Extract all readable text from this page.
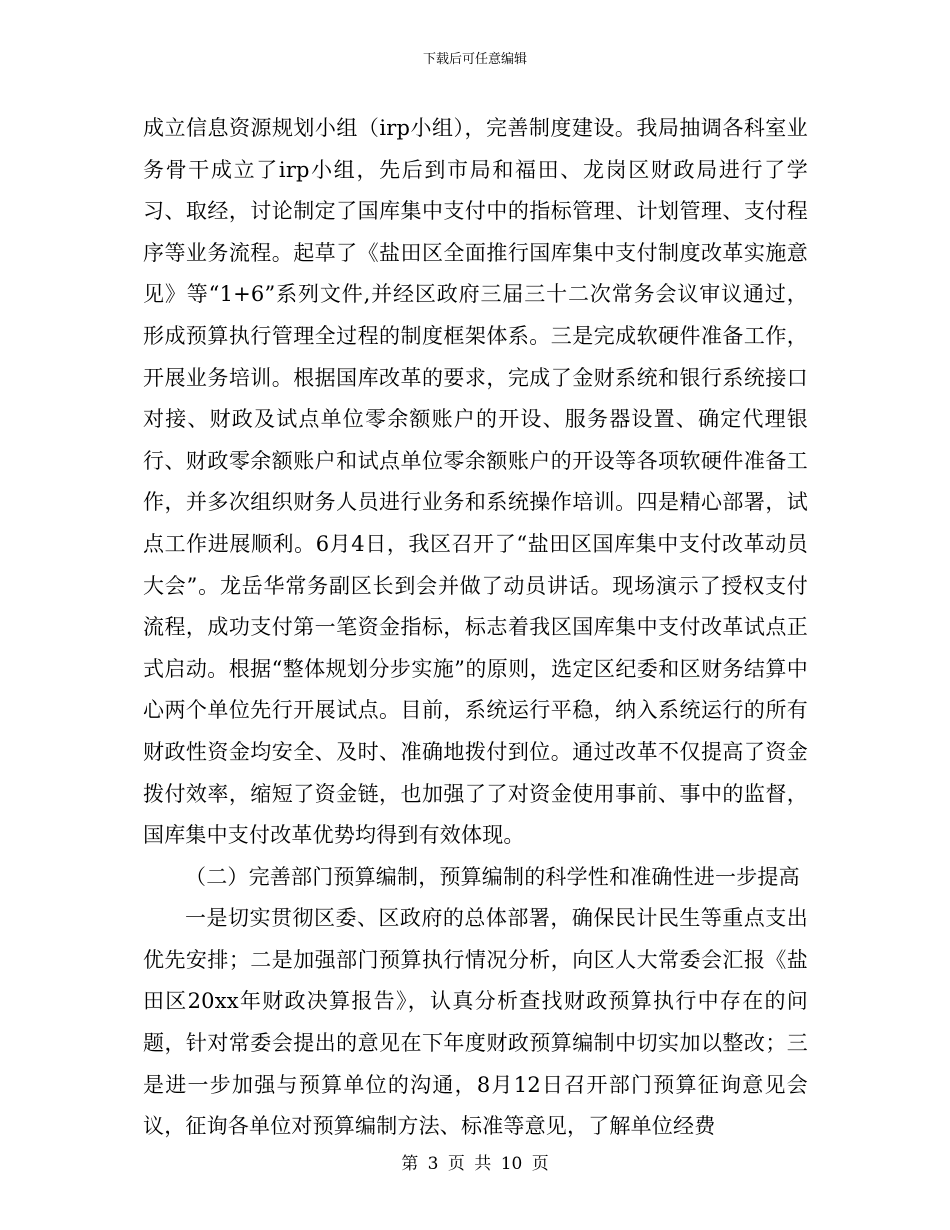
下载后可任意编辑

成立信息资源规划小组（irp小组），完善制度建设。我局抽调各科室业务骨干成立了irp小组，先后到市局和福田、龙岗区财政局进行了学习、取经，讨论制定了国库集中支付中的指标管理、计划管理、支付程序等业务流程。起草了《盐田区全面推行国库集中支付制度改革实施意见》等“1+6”系列文件,并经区政府三届三十二次常务会议审议通过，形成预算执行管理全过程的制度框架体系。三是完成软硬件准备工作，开展业务培训。根据国库改革的要求，完成了金财系统和银行系统接口对接、财政及试点单位零余额账户的开设、服务器设置、确定代理银行、财政零余额账户和试点单位零余额账户的开设等各项软硬件准备工作，并多次组织财务人员进行业务和系统操作培训。四是精心部署，试点工作进展顺利。6月4日，我区召开了“盐田区国库集中支付改革动员大会”。龙岳华常务副区长到会并做了动员讲话。现场演示了授权支付流程，成功支付第一笔资金指标，标志着我区国库集中支付改革试点正式启动。根据“整体规划分步实施”的原则，选定区纪委和区财务结算中心两个单位先行开展试点。目前，系统运行平稳，纳入系统运行的所有财政性资金均安全、及时、准确地拨付到位。通过改革不仅提高了资金拨付效率，缩短了资金链，也加强了了对资金使用事前、事中的监督，国库集中支付改革优势均得到有效体现。

（二）完善部门预算编制，预算编制的科学性和准确性进一步提高

一是切实贯彻区委、区政府的总体部署，确保民计民生等重点支出优先安排；二是加强部门预算执行情况分析，向区人大常委会汇报《盐田区20xx年财政决算报告》，认真分析查找财政预算执行中存在的问题，针对常委会提出的意见在下年度财政预算编制中切实加以整改；三是进一步加强与预算单位的沟通，8月12日召开部门预算征询意见会议，征询各单位对预算编制方法、标准等意见，了解单位经费

第 3 页 共 10 页
